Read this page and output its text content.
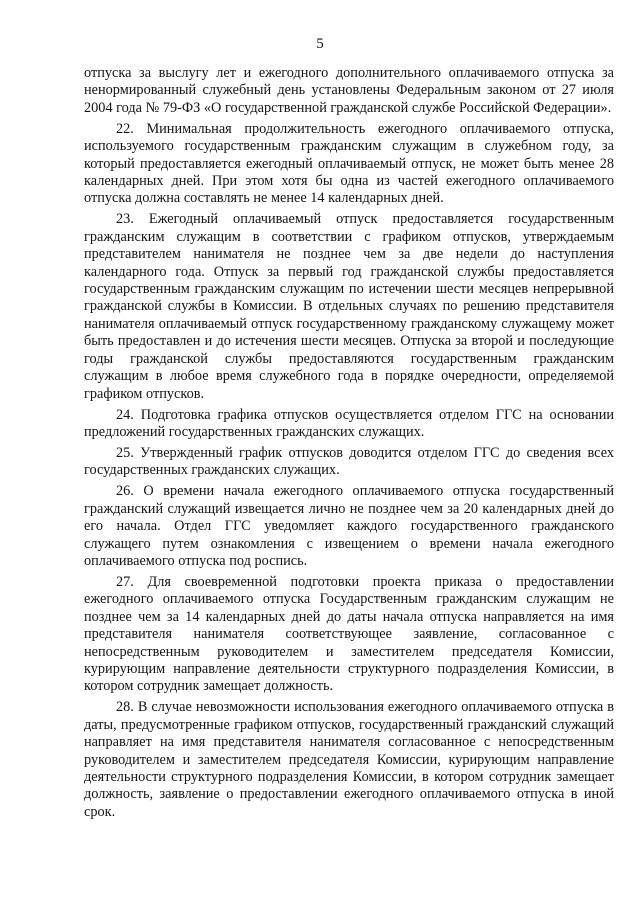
5

отпуска за выслугу лет и ежегодного дополнительного оплачиваемого отпуска за ненормированный служебный день установлены Федеральным законом от 27 июля 2004 года № 79-ФЗ «О государственной гражданской службе Российской Федерации».

22. Минимальная продолжительность ежегодного оплачиваемого отпуска, используемого государственным гражданским служащим в служебном году, за который предоставляется ежегодный оплачиваемый отпуск, не может быть менее 28 календарных дней. При этом хотя бы одна из частей ежегодного оплачиваемого отпуска должна составлять не менее 14 календарных дней.

23. Ежегодный оплачиваемый отпуск предоставляется государственным гражданским служащим в соответствии с графиком отпусков, утверждаемым представителем нанимателя не позднее чем за две недели до наступления календарного года. Отпуск за первый год гражданской службы предоставляется государственным гражданским служащим по истечении шести месяцев непрерывной гражданской службы в Комиссии. В отдельных случаях по решению представителя нанимателя оплачиваемый отпуск государственному гражданскому служащему может быть предоставлен и до истечения шести месяцев. Отпуска за второй и последующие годы гражданской службы предоставляются государственным гражданским служащим в любое время служебного года в порядке очередности, определяемой графиком отпусков.

24. Подготовка графика отпусков осуществляется отделом ГГС на основании предложений государственных гражданских служащих.

25. Утвержденный график отпусков доводится отделом ГГС до сведения всех государственных гражданских служащих.

26. О времени начала ежегодного оплачиваемого отпуска государственный гражданский служащий извещается лично не позднее чем за 20 календарных дней до его начала. Отдел ГГС уведомляет каждого государственного гражданского служащего путем ознакомления с извещением о времени начала ежегодного оплачиваемого отпуска под роспись.

27. Для своевременной подготовки проекта приказа о предоставлении ежегодного оплачиваемого отпуска Государственным гражданским служащим не позднее чем за 14 календарных дней до даты начала отпуска направляется на имя представителя нанимателя соответствующее заявление, согласованное с непосредственным руководителем и заместителем председателя Комиссии, курирующим направление деятельности структурного подразделения Комиссии, в котором сотрудник замещает должность.

28. В случае невозможности использования ежегодного оплачиваемого отпуска в даты, предусмотренные графиком отпусков, государственный гражданский служащий направляет на имя представителя нанимателя согласованное с непосредственным руководителем и заместителем председателя Комиссии, курирующим направление деятельности структурного подразделения Комиссии, в котором сотрудник замещает должность, заявление о предоставлении ежегодного оплачиваемого отпуска в иной срок.
